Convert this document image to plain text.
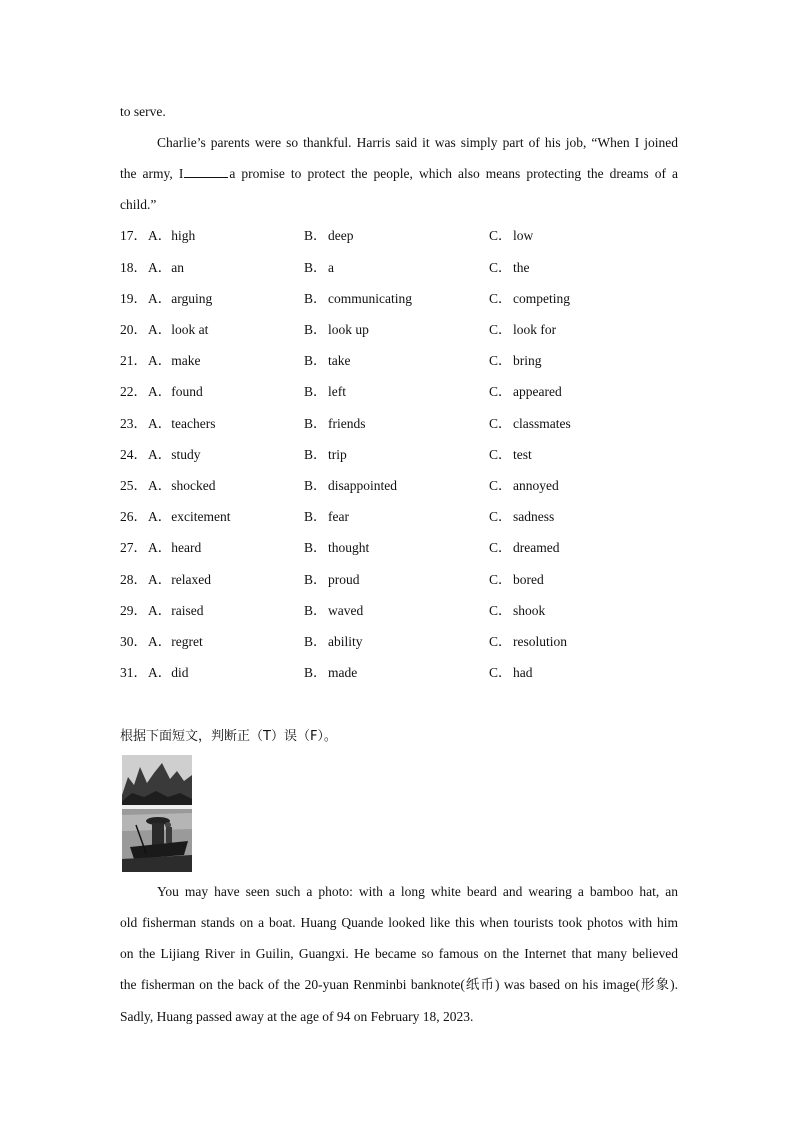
to serve.
Charlie’s parents were so thankful. Harris said it was simply part of his job, “When I joined
the army, I	a promise to protect the people, which also means protecting the dreams of a
child.”
17． A．high	B． deep	C． low
18． A．an	B． a	C． the
19． A．arguing	B． communicating	C． competing
20． A．look at	B． look up	C． look for
21． A．make	B． take	C． bring
22． A．found	B． left	C． appeared
23． A．teachers	B． friends	C． classmates
24． A．study	B． trip	C． test
25． A．shocked	B． disappointed	C． annoyed
26． A．excitement	B． fear	C． sadness
27． A．heard	B． thought	C． dreamed
28． A．relaxed	B． proud	C． bored
29． A．raised	B． waved	C． shook
30． A．regret	B． ability	C． resolution
31． A．did	B． made	C． had
根据下面短文，判断正（T）误（F）。
You may have seen such a photo: with a long white beard and wearing a bamboo hat, an
old fisherman stands on a boat. Huang Quande looked like this when tourists took photos with him
on the Lijiang River in Guilin, Guangxi. He became so famous on the Internet that many believed
the fisherman on the back of the 20-yuan Renminbi banknote(纸币) was based on his image(形象).
Sadly, Huang passed away at the age of 94 on February 18, 2023.
